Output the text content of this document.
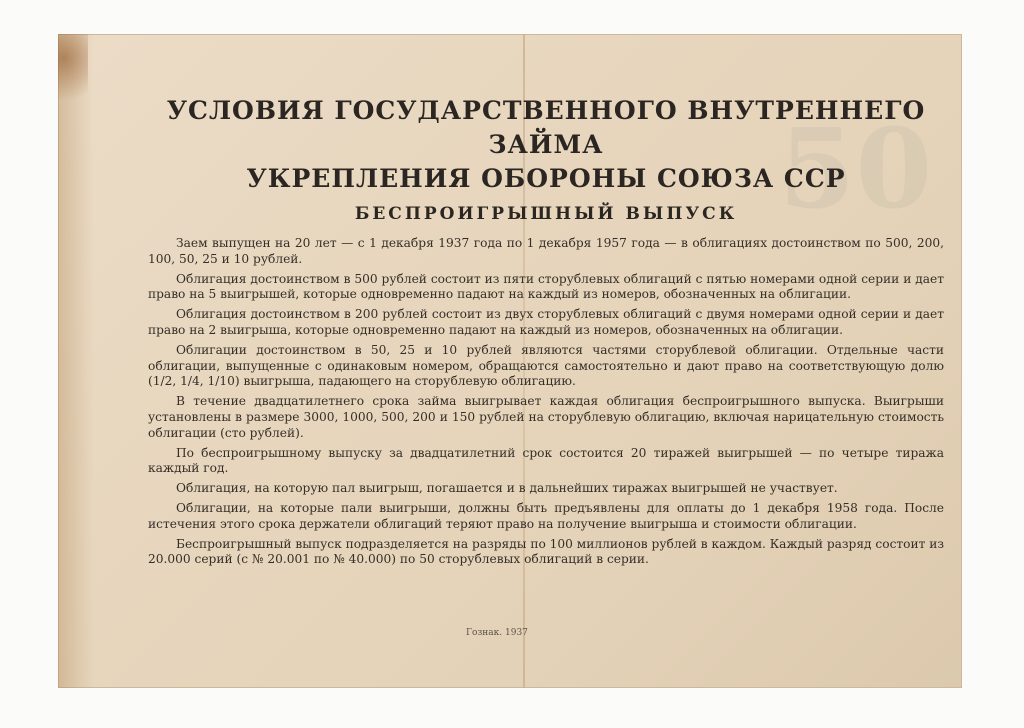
50
УСЛОВИЯ ГОСУДАРСТВЕННОГО ВНУТРЕННЕГО ЗАЙМА
УКРЕПЛЕНИЯ ОБОРОНЫ СОЮЗА ССР
БЕСПРОИГРЫШНЫЙ ВЫПУСК

Заем выпущен на 20 лет — с 1 декабря 1937 года по 1 декабря 1957 года — в облигациях достоинством по 500, 200, 100, 50, 25 и 10 рублей.

Облигация достоинством в 500 рублей состоит из пяти сторублевых облигаций с пятью номерами одной серии и дает право на 5 выигрышей, которые одновременно падают на каждый из номеров, обозначенных на облигации.

Облигация достоинством в 200 рублей состоит из двух сторублевых облигаций с двумя номерами одной серии и дает право на 2 выигрыша, которые одновременно падают на каждый из номеров, обозначенных на облигации.

Облигации достоинством в 50, 25 и 10 рублей являются частями сторублевой облигации. Отдельные части облигации, выпущенные с одинаковым номером, обращаются самостоятельно и дают право на соответствующую долю (1/2, 1/4, 1/10) выигрыша, падающего на сторублевую облигацию.

В течение двадцатилетнего срока займа выигрывает каждая облигация беспроигрышного выпуска. Выигрыши установлены в размере 3000, 1000, 500, 200 и 150 рублей на сторублевую облигацию, включая нарицательную стоимость облигации (сто рублей).

По беспроигрышному выпуску за двадцатилетний срок состоится 20 тиражей выигрышей — по четыре тиража каждый год.

Облигация, на которую пал выигрыш, погашается и в дальнейших тиражах выигрышей не участвует.

Облигации, на которые пали выигрыши, должны быть предъявлены для оплаты до 1 декабря 1958 года. После истечения этого срока держатели облигаций теряют право на получение выигрыша и стоимости облигации.

Беспроигрышный выпуск подразделяется на разряды по 100 миллионов рублей в каждом. Каждый разряд состоит из 20.000 серий (с № 20.001 по № 40.000) по 50 сторублевых облигаций в серии.

Гознак. 1937
